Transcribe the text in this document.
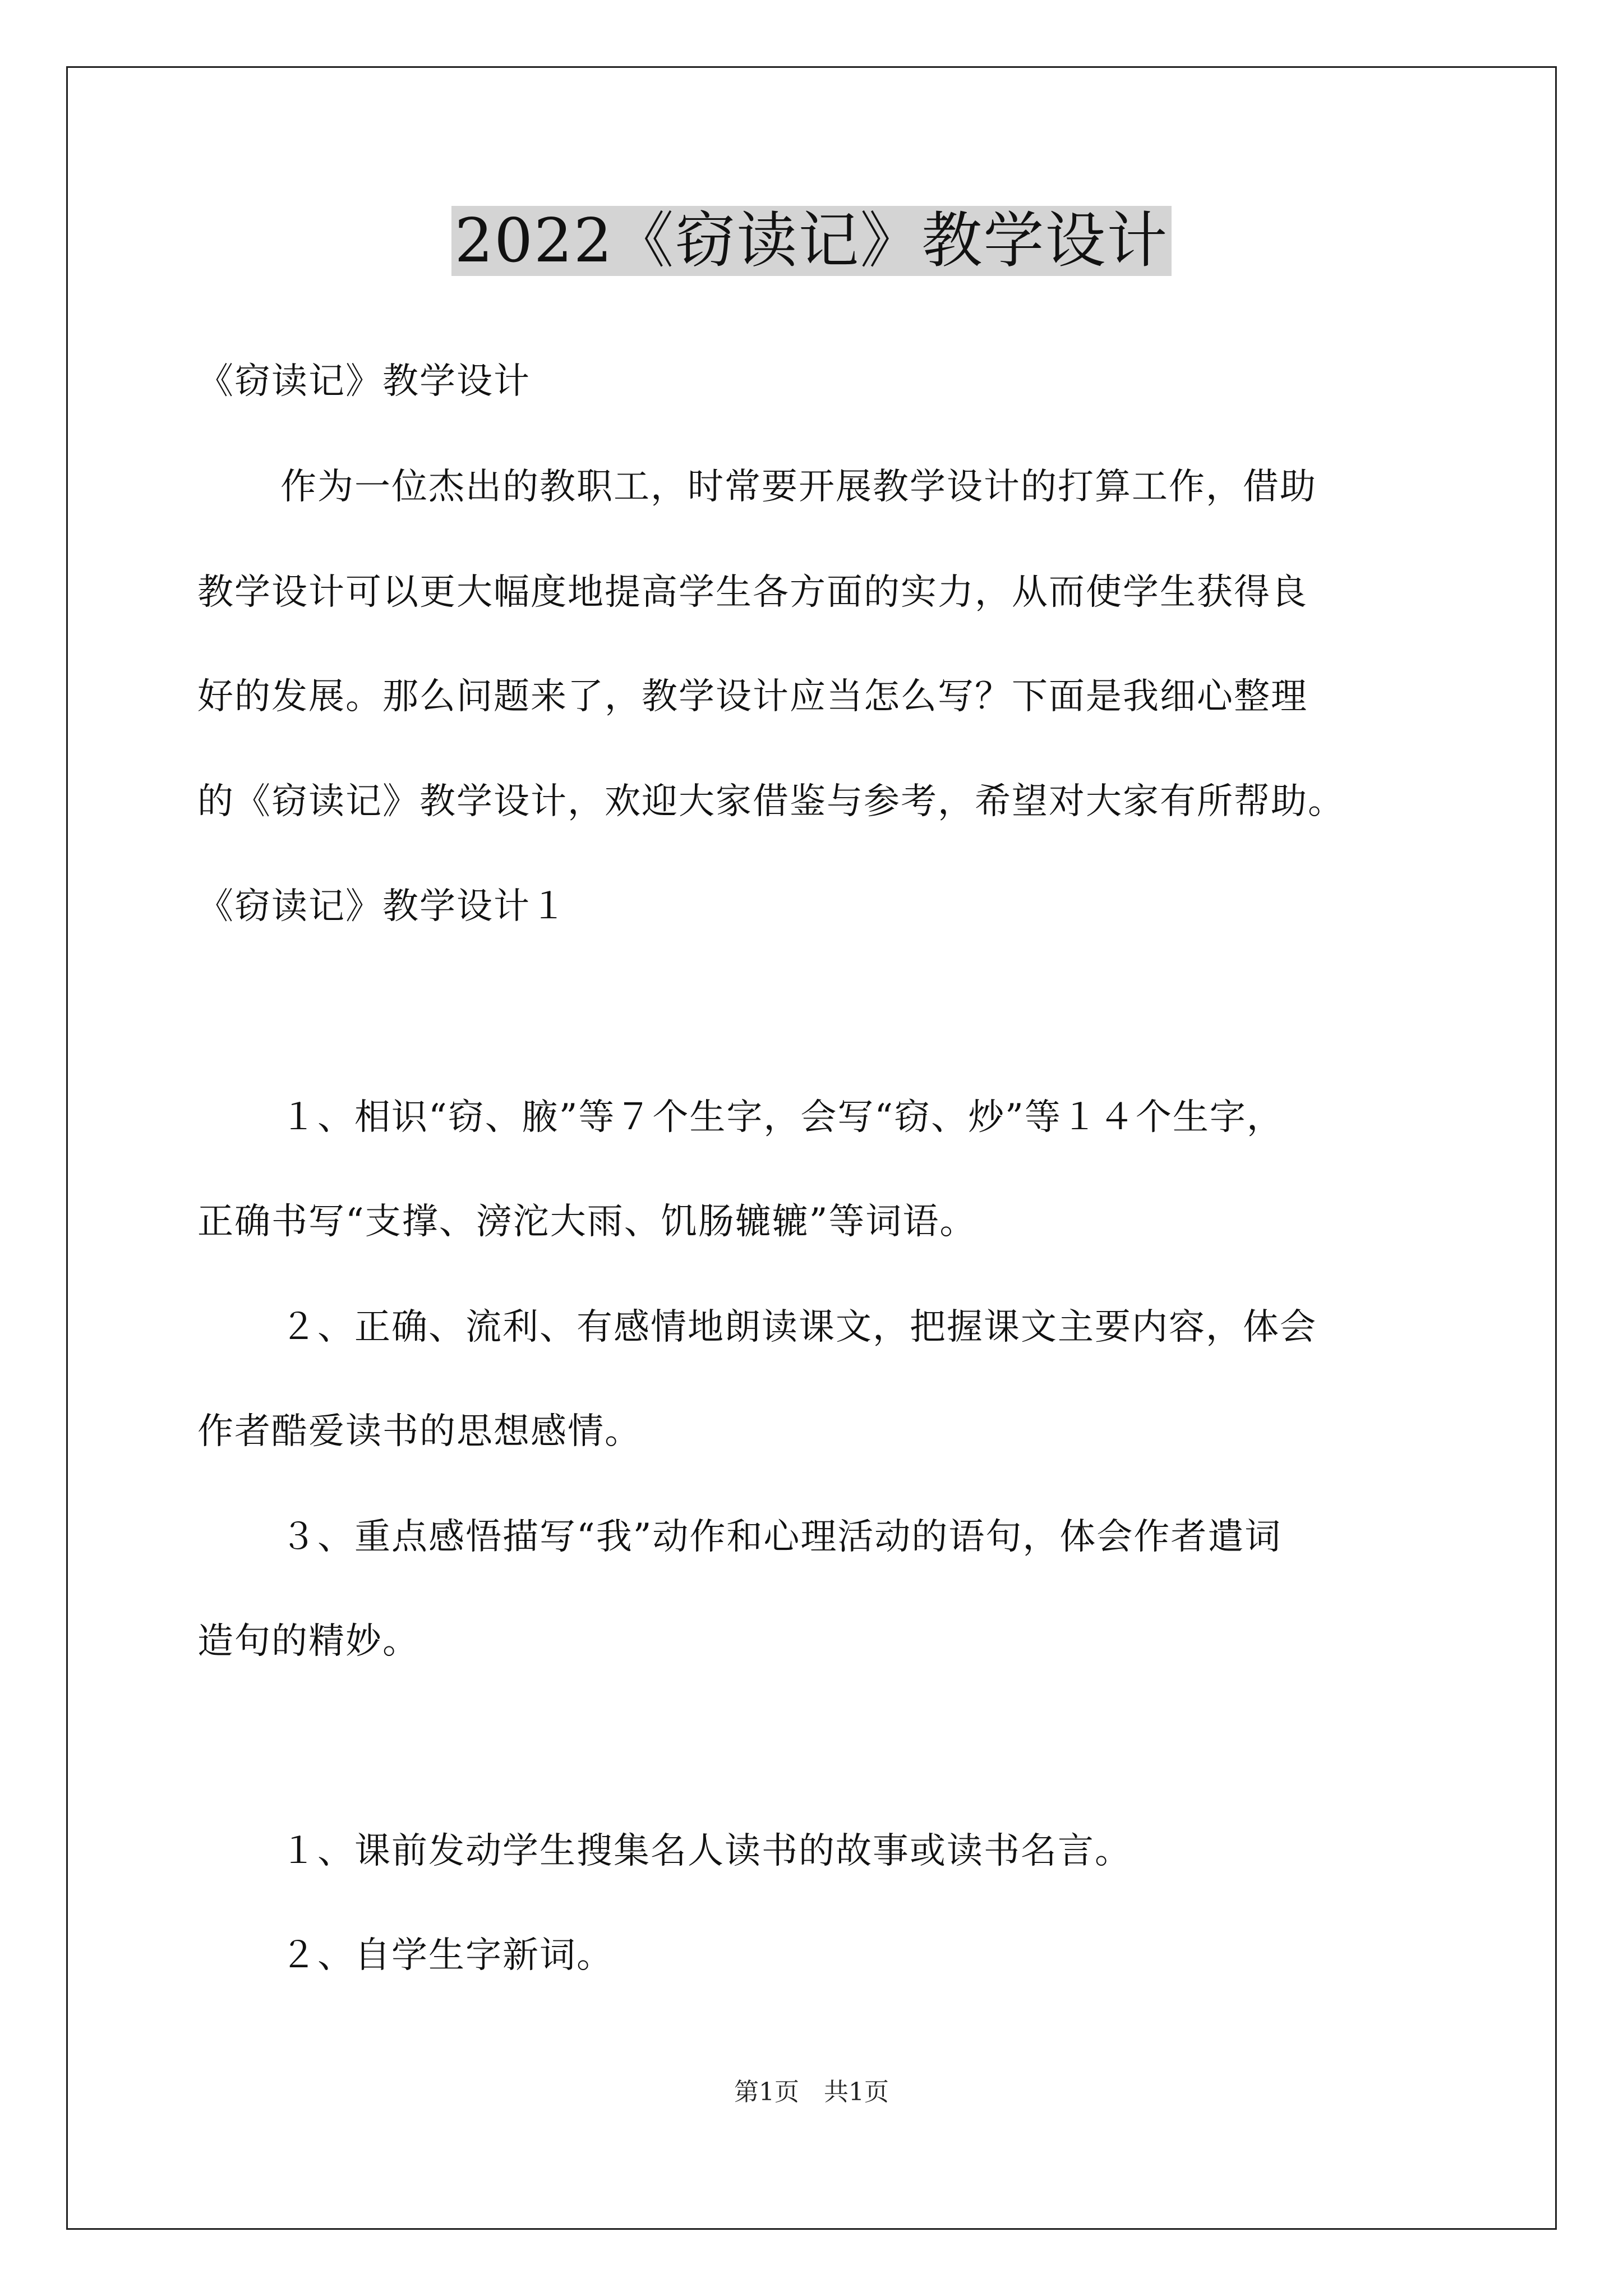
2022《窃读记》教学设计
《窃读记》教学设计
作为一位杰出的教职工，时常要开展教学设计的打算工作，借助
教学设计可以更大幅度地提高学生各方面的实力，从而使学生获得良
好的发展。那么问题来了，教学设计应当怎么写？下面是我细心整理
的《窃读记》教学设计，欢迎大家借鉴与参考，希望对大家有所帮助。
《窃读记》教学设计１
１、相识“窃、腋”等７个生字，会写“窃、炒”等１４个生字，
正确书写“支撑、滂沱大雨、饥肠辘辘”等词语。
２、正确、流利、有感情地朗读课文，把握课文主要内容，体会
作者酷爱读书的思想感情。
３、重点感悟描写“我”动作和心理活动的语句，体会作者遣词
造句的精妙。
１、课前发动学生搜集名人读书的故事或读书名言。
２、自学生字新词。
第1页　共1页
